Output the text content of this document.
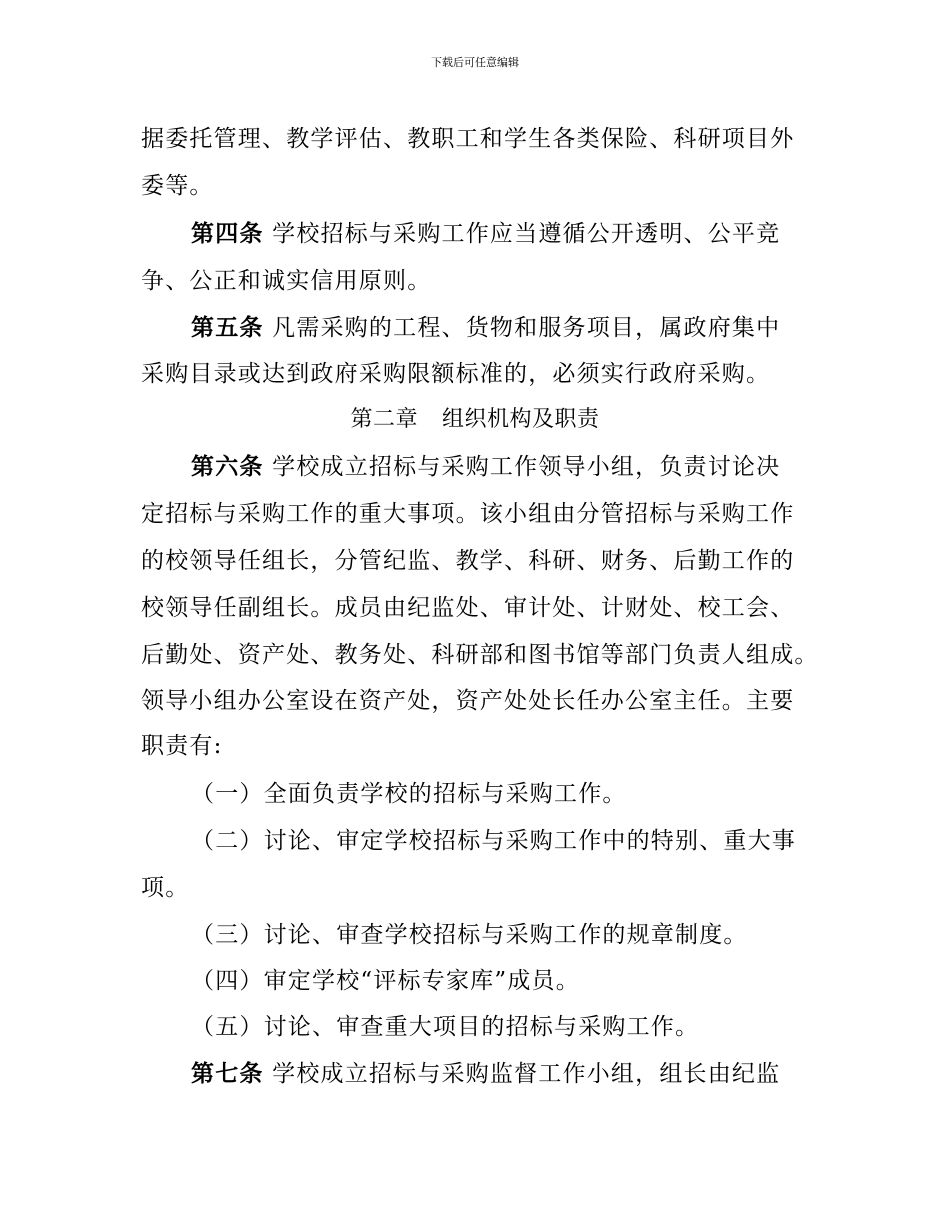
下载后可任意编辑
据委托管理、教学评估、教职工和学生各类保险、科研项目外
委等。
第四条 学校招标与采购工作应当遵循公开透明、公平竞
争、公正和诚实信用原则。
第五条 凡需采购的工程、货物和服务项目，属政府集中
采购目录或达到政府采购限额标准的，必须实行政府采购。
第二章 组织机构及职责
第六条 学校成立招标与采购工作领导小组，负责讨论决
定招标与采购工作的重大事项。该小组由分管招标与采购工作
的校领导任组长，分管纪监、教学、科研、财务、后勤工作的
校领导任副组长。成员由纪监处、审计处、计财处、校工会、
后勤处、资产处、教务处、科研部和图书馆等部门负责人组成。
领导小组办公室设在资产处，资产处处长任办公室主任。主要
职责有:
（一）全面负责学校的招标与采购工作。
（二）讨论、审定学校招标与采购工作中的特别、重大事
项。
（三）讨论、审查学校招标与采购工作的规章制度。
（四）审定学校“评标专家库”成员。
（五）讨论、审查重大项目的招标与采购工作。
第七条 学校成立招标与采购监督工作小组，组长由纪监
